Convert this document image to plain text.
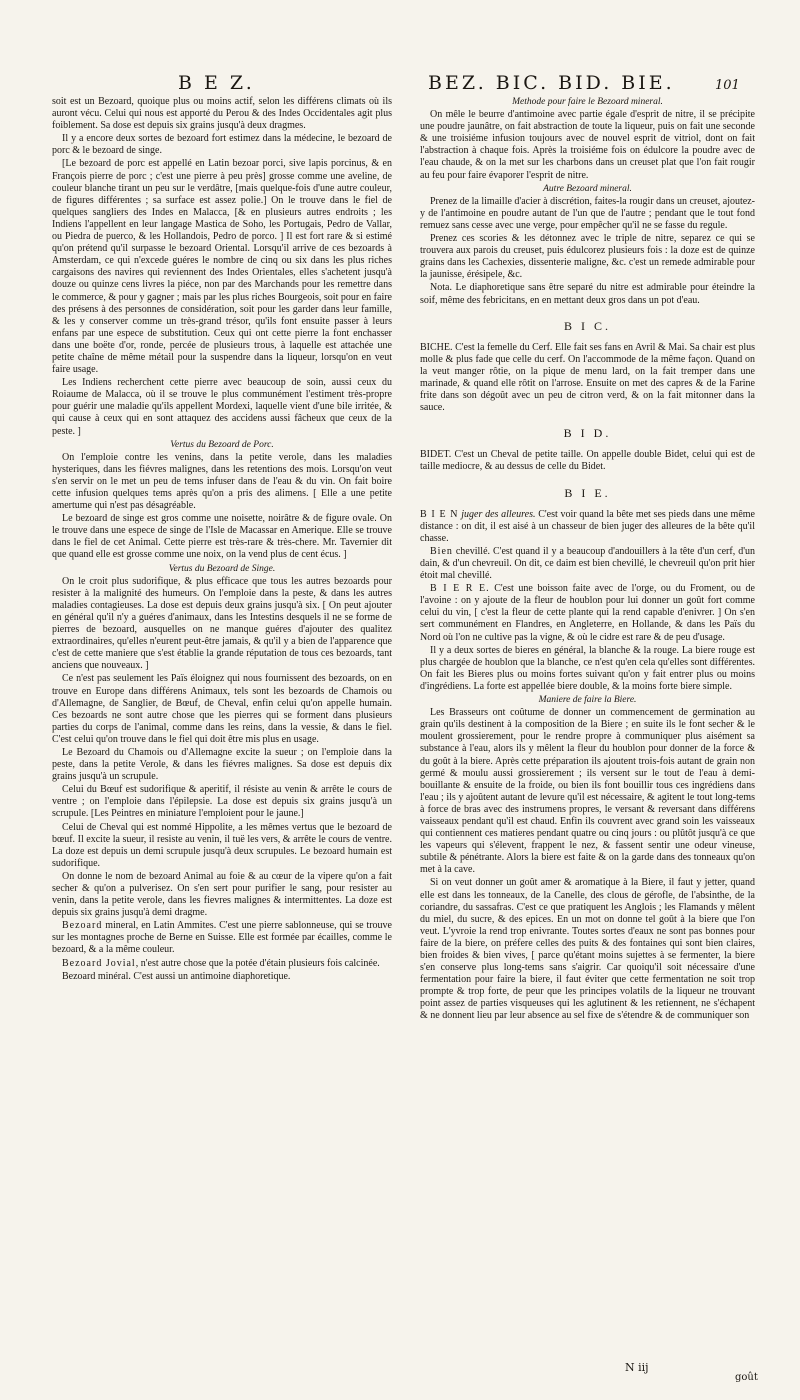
B E Z.	BEZ. BIC. BID. BIE.	101

soit est un Bezoard, quoique plus ou moins actif, selon les différens climats où ils auront vécu. Celui qui nous est apporté du Perou & des Indes Occidentales agit plus foiblement. Sa dose est depuis six grains jusqu'à deux dragmes.

Il y a encore deux sortes de bezoard fort estimez dans la médecine, le bezoard de porc & le bezoard de singe.

[Le bezoard de porc est appellé en Latin bezoar porci, sive lapis porcinus, & en François pierre de porc ; c'est une pierre à peu près] grosse comme une aveline, de couleur blanche tirant un peu sur le verdâtre, [mais quelque-fois d'une autre couleur, de figures différentes ; sa surface est assez polie.] On le trouve dans le fiel de quelques sangliers des Indes en Malacca, [& en plusieurs autres endroits ; les Indiens l'appellent en leur langage Mastica de Soho, les Portugais, Pedro de Vallar, ou Piedra de puerco, & les Hollandois, Pedro de porco. ] Il est fort rare & si estimé qu'on prétend qu'il surpasse le bezoard Oriental. Lorsqu'il arrive de ces bezoards à Amsterdam, ce qui n'excede guéres le nombre de cinq ou six dans les plus riches cargaisons des navires qui reviennent des Indes Orientales, elles s'achetent jusqu'à douze ou quinze cens livres la piéce, non par des Marchands pour les remettre dans le commerce, & pour y gagner ; mais par les plus riches Bourgeois, soit pour en faire des présens à des personnes de considération, soit pour les garder dans leur famille, & les y conserver comme un très-grand trésor, qu'ils font ensuite passer à leurs enfans par une espece de substitution. Ceux qui ont cette pierre la font enchasser dans une boëte d'or, ronde, percée de plusieurs trous, à laquelle est attachée une petite chaîne de même métail pour la suspendre dans la liqueur, lorsqu'on en veut faire usage.

Les Indiens recherchent cette pierre avec beaucoup de soin, aussi ceux du Roiaume de Malacca, où il se trouve le plus communément l'estiment très-propre pour guérir une maladie qu'ils appellent Mordexi, laquelle vient d'une bile irritée, & qui cause à ceux qui en sont attaquez des accidens aussi fâcheux que ceux de la peste. ]

Vertus du Bezoard de Porc.

On l'emploie contre les venins, dans la petite verole, dans les maladies hysteriques, dans les fiévres malignes, dans les retentions des mois. Lorsqu'on veut s'en servir on le met un peu de tems infuser dans de l'eau & du vin. On fait boire cette infusion quelques tems après qu'on a pris des alimens. [ Elle a une petite amertume qui n'est pas désagréable.

Le bezoard de singe est gros comme une noisette, noirâtre & de figure ovale. On le trouve dans une espece de singe de l'Isle de Macassar en Amerique. Elle se trouve dans le fiel de cet Animal. Cette pierre est très-rare & très-chere. Mr. Tavernier dit que quand elle est grosse comme une noix, on la vend plus de cent écus. ]

Vertus du Bezoard de Singe.

On le croit plus sudorifique, & plus efficace que tous les autres bezoards pour resister à la malignité des humeurs. On l'emploie dans la peste, & dans les autres maladies contagieuses. La dose est depuis deux grains jusqu'à six. [ On peut ajouter en général qu'il n'y a guéres d'animaux, dans les Intestins desquels il ne se forme de pierres de bezoard, ausquelles on ne manque guéres d'ajouter des qualitez extraordinaires, qu'elles n'eurent peut-être jamais, & qu'il y a bien de l'apparence que c'est de cette maniere que s'est établie la grande réputation de tous ces bezoards, tant anciens que nouveaux. ]

Ce n'est pas seulement les Païs éloignez qui nous fournissent des bezoards, on en trouve en Europe dans différens Animaux, tels sont les bezoards de Chamois ou d'Allemagne, de Sanglier, de Bœuf, de Cheval, enfin celui qu'on appelle humain. Ces bezoards ne sont autre chose que les pierres qui se forment dans plusieurs parties du corps de l'animal, comme dans les reins, dans la vessie, & dans le fiel. C'est celui qu'on trouve dans le fiel qui doit être mis plus en usage.

Le Bezoard du Chamois ou d'Allemagne excite la sueur ; on l'emploie dans la peste, dans la petite Verole, & dans les fiévres malignes. Sa dose est depuis dix grains jusqu'à un scrupule.

Celui du Bœuf est sudorifique & aperitif, il résiste au venin & arrête le cours de ventre ; on l'emploie dans l'épilepsie. La dose est depuis six grains jusqu'à un scrupule. [Les Peintres en miniature l'emploient pour le jaune.]

Celui de Cheval qui est nommé Hippolite, a les mêmes vertus que le bezoard de bœuf. Il excite la sueur, il resiste au venin, il tuë les vers, & arrête le cours de ventre. La doze est depuis un demi scrupule jusqu'à deux scrupules. Le bezoard humain est sudorifique.

On donne le nom de bezoard Animal au foie & au cœur de la vipere qu'on a fait secher & qu'on a pulverisez. On s'en sert pour purifier le sang, pour resister au venin, dans la petite verole, dans les fievres malignes & intermittentes. La doze est depuis six grains jusqu'à demi dragme.

Bezoard mineral, en Latin Ammites. C'est une pierre sablonneuse, qui se trouve sur les montagnes proche de Berne en Suisse. Elle est formée par écailles, comme le bezoard, & a la même couleur.

Bezoard Jovial, n'est autre chose que la potée d'étain plusieurs fois calcinée.

Bezoard minéral. C'est aussi un antimoine diaphoretique.

Methode pour faire le Bezoard mineral.

On mêle le beurre d'antimoine avec partie égale d'esprit de nitre, il se précipite une poudre jaunâtre, on fait abstraction de toute la liqueur, puis on fait une seconde & une troisiéme infusion toujours avec de nouvel esprit de vitriol, dont on fait l'abstraction à chaque fois. Après la troisiéme fois on édulcore la poudre avec de l'eau chaude, & on la met sur les charbons dans un creuset plat que l'on fait rougir au feu pour faire évaporer l'esprit de nitre.

Autre Bezoard mineral.

Prenez de la limaille d'acier à discrétion, faites-la rougir dans un creuset, ajoutez-y de l'antimoine en poudre autant de l'un que de l'autre ; pendant que le tout fond remuez sans cesse avec une verge, pour empêcher qu'il ne se fasse du regule.

Prenez ces scories & les détonnez avec le triple de nitre, separez ce qui se trouvera aux parois du creuset, puis édulcorez plusieurs fois : la doze est de quinze grains dans les Cachexies, dissenterie maligne, &c. c'est un remede admirable pour la jaunisse, érésipele, &c.

Nota. Le diaphoretique sans être separé du nitre est admirable pour éteindre la soif, même des febricitans, en en mettant deux gros dans un pot d'eau.

B I C.

BICHE. C'est la femelle du Cerf. Elle fait ses fans en Avril & Mai. Sa chair est plus molle & plus fade que celle du cerf. On l'accommode de la même façon. Quand on la veut manger rôtie, on la pique de menu lard, on la fait tremper dans une marinade, & quand elle rôtit on l'arrose. Ensuite on met des capres & de la Farine frite dans son dégoût avec un peu de citron verd, & on la fait mitonner dans la sauce.

B I D.

BIDET. C'est un Cheval de petite taille. On appelle double Bidet, celui qui est de taille mediocre, & au dessus de celle du Bidet.

B I E.

B I E N juger des alleures. C'est voir quand la bête met ses pieds dans une même distance : on dit, il est aisé à un chasseur de bien juger des alleures de la bête qu'il chasse.

Bien chevillé. C'est quand il y a beaucoup d'andouillers à la tête d'un cerf, d'un dain, & d'un chevreuil. On dit, ce daim est bien chevillé, le chevreuil qu'on prit hier étoit mal chevillé.

B I E R E. C'est une boisson faite avec de l'orge, ou du Froment, ou de l'avoine : on y ajoute de la fleur de houblon pour lui donner un goût fort comme celui du vin, [ c'est la fleur de cette plante qui la rend capable d'enivrer. ] On s'en sert communément en Flandres, en Angleterre, en Hollande, & dans les Païs du Nord où l'on ne cultive pas la vigne, & où le cidre est rare & de peu d'usage.

Il y a deux sortes de bieres en général, la blanche & la rouge. La biere rouge est plus chargée de houblon que la blanche, ce n'est qu'en cela qu'elles sont différentes. On fait les Bieres plus ou moins fortes suivant qu'on y fait entrer plus ou moins d'ingrédiens. La forte est appellée biere double, & la moins forte biere simple.

Maniere de faire la Biere.

Les Brasseurs ont coûtume de donner un commencement de germination au grain qu'ils destinent à la composition de la Biere ; en suite ils le font secher & le moulent grossierement, pour le rendre propre à communiquer plus aisément sa substance à l'eau, alors ils y mêlent la fleur du houblon pour donner de la force & du goût à la biere. Après cette préparation ils ajoutent trois-fois autant de grain non germé & moulu aussi grossierement ; ils versent sur le tout de l'eau à demi-bouillante & ensuite de la froide, ou bien ils font bouillir tous ces ingrédiens dans l'eau ; ils y ajoûtent autant de levure qu'il est nécessaire, & agitent le tout long-tems à force de bras avec des instrumens propres, le versant & reversant dans différens vaisseaux pendant qu'il est chaud. Enfin ils couvrent avec grand soin les vaisseaux qui contiennent ces matieres pendant quatre ou cinq jours : ou plûtôt jusqu'à ce que les vapeurs qui s'élevent, frappent le nez, & fassent sentir une odeur vineuse, subtile & pénétrante. Alors la biere est faite & on la garde dans des tonneaux qu'on met à la cave.

Si on veut donner un goût amer & aromatique à la Biere, il faut y jetter, quand elle est dans les tonneaux, de la Canelle, des clous de gérofle, de l'absinthe, de la coriandre, du sassafras. C'est ce que pratiquent les Anglois ; les Flamands y mêlent du miel, du sucre, & des epices. En un mot on donne tel goût à la biere que l'on veut. L'yvroie la rend trop enivrante. Toutes sortes d'eaux ne sont pas bonnes pour faire de la biere, on préfere celles des puits & des fontaines qui sont bien claires, bien froides & bien vives, [ parce qu'étant moins sujettes à se fermenter, la biere s'en conserve plus long-tems sans s'aigrir. Car quoiqu'il soit nécessaire d'une fermentation pour faire la biere, il faut éviter que cette fermentation ne soit trop prompte & trop forte, de peur que les principes volatils de la liqueur ne trouvant point assez de parties visqueuses qui les aglutinent & les retiennent, ne s'échapent & ne donnent lieu par leur absence au sel fixe de s'étendre & de communiquer son

N iij
goût
